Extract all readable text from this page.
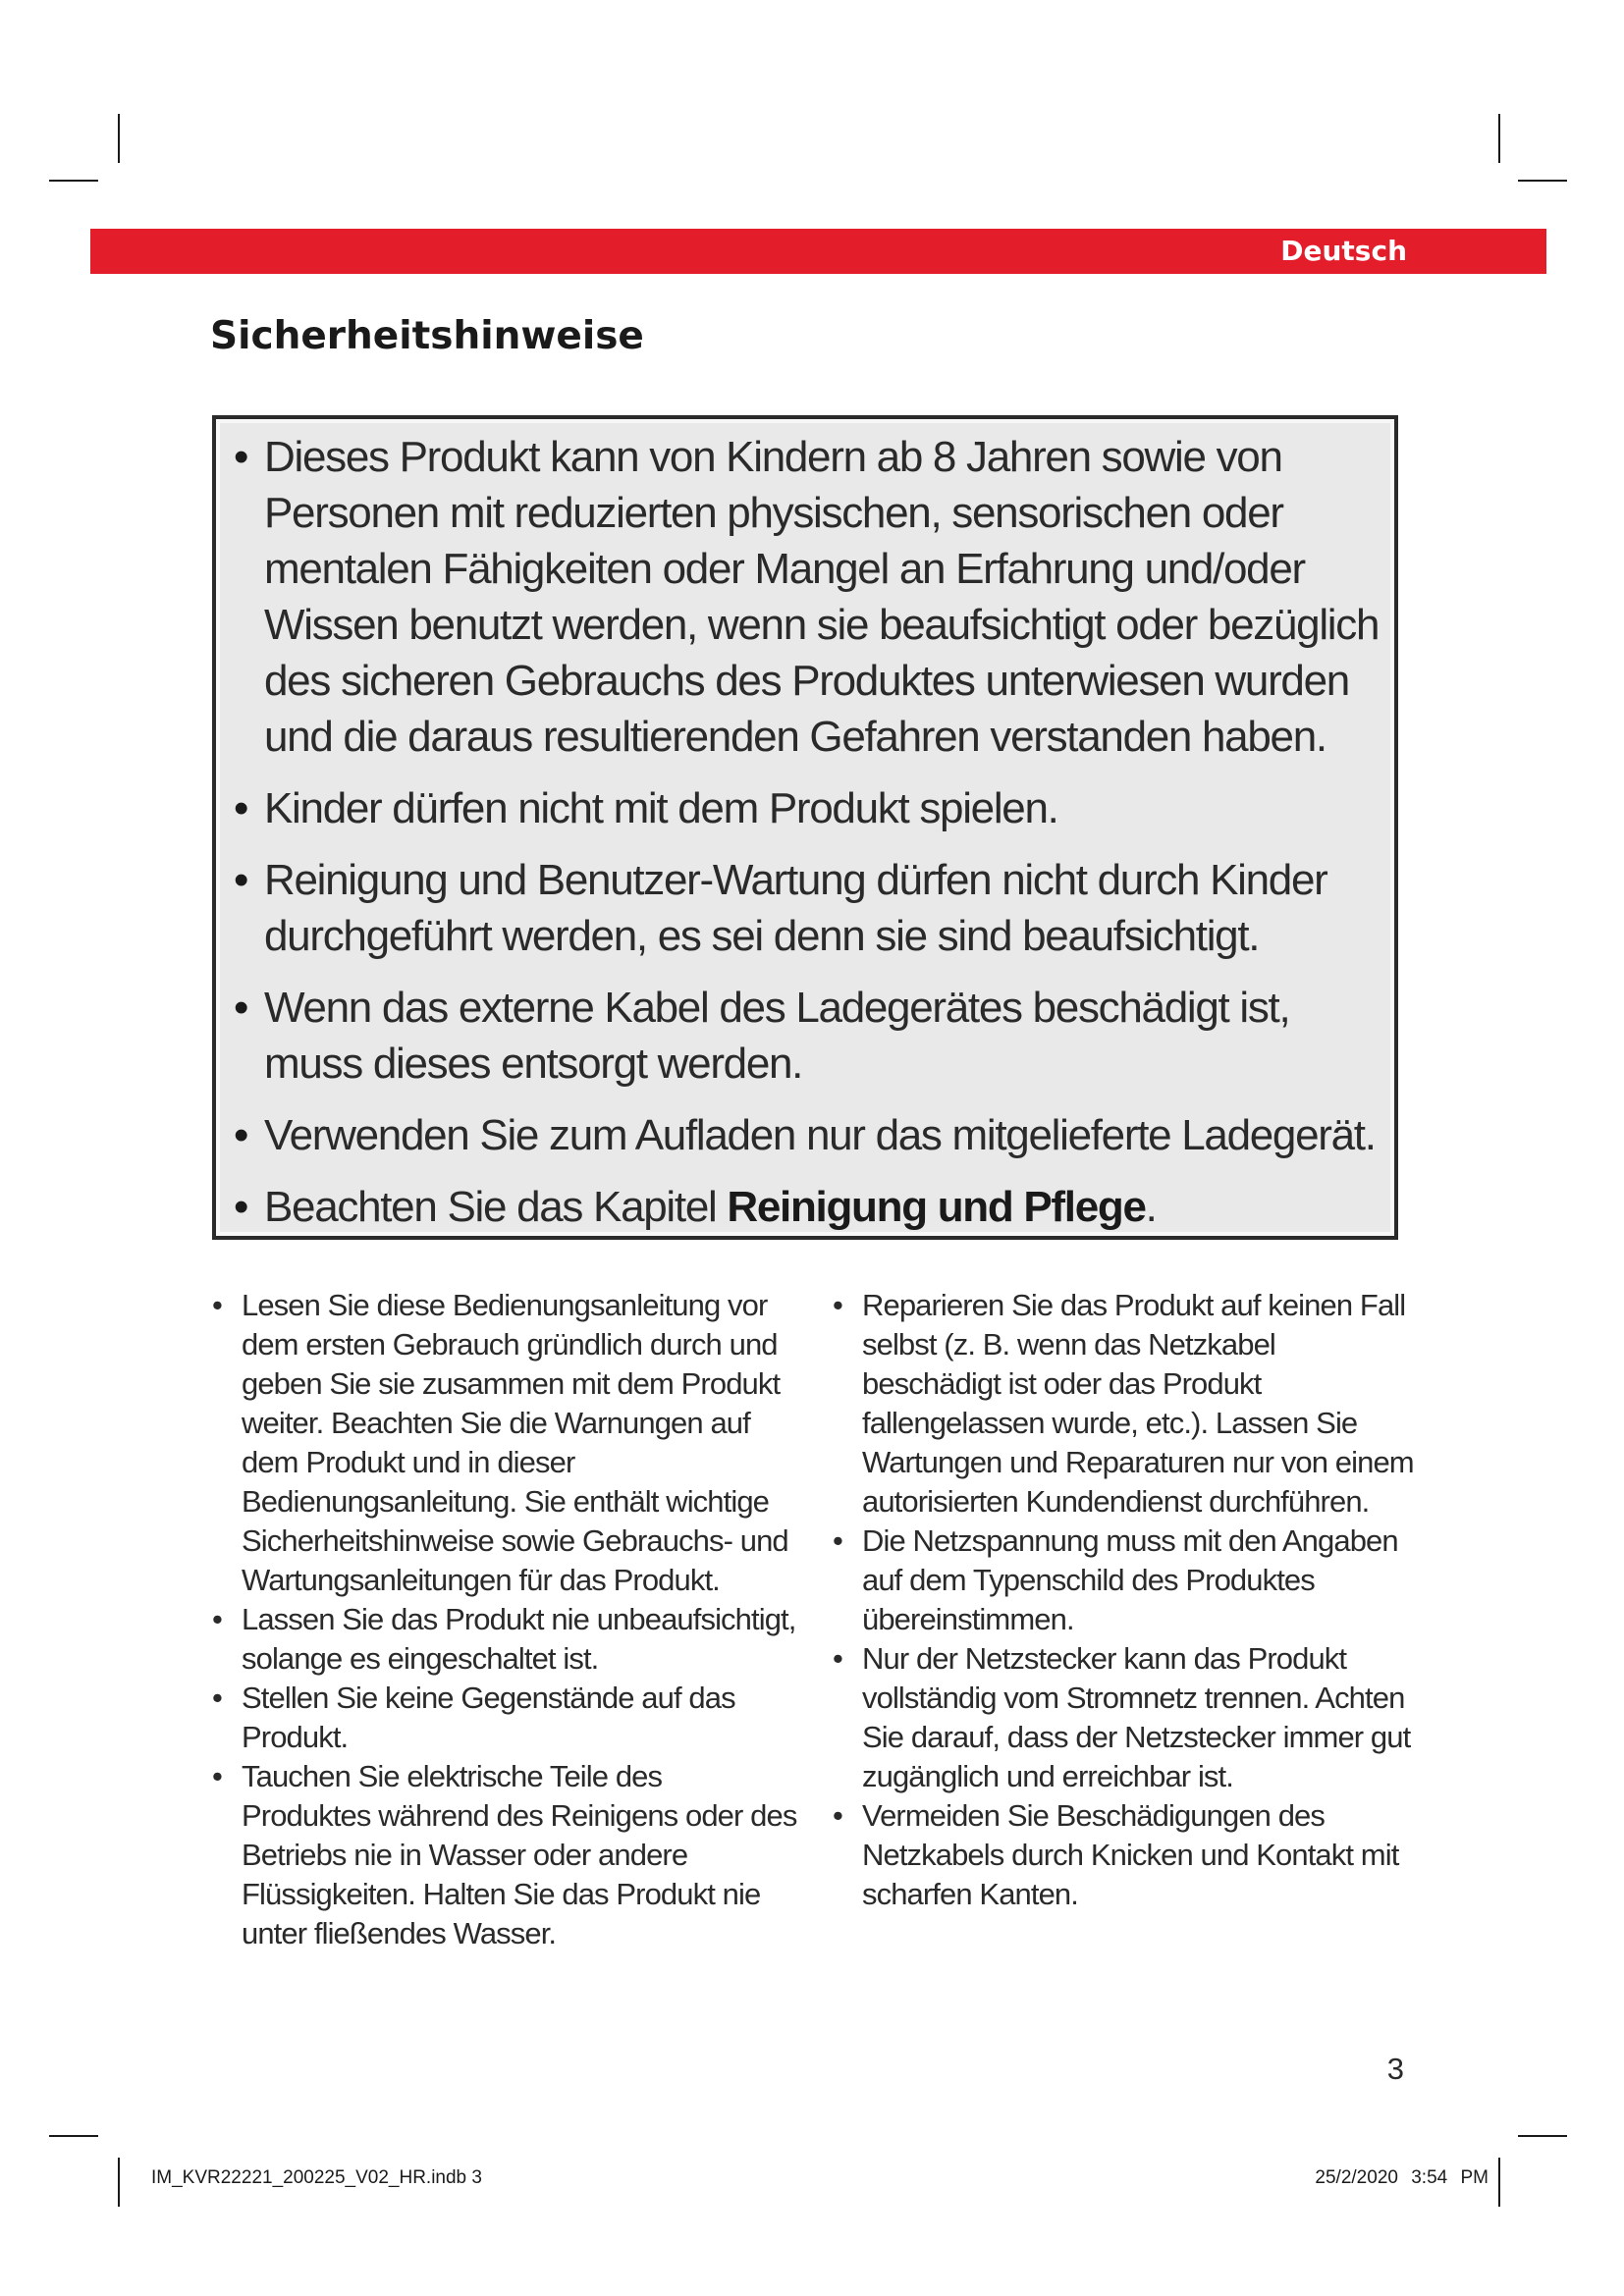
Deutsch
Sicherheitshinweise
• Dieses Produkt kann von Kindern ab 8 Jahren sowie von Personen mit reduzierten physischen, sensorischen oder mentalen Fähigkeiten oder Mangel an Erfahrung und/oder Wissen benutzt werden, wenn sie beaufsichtigt oder bezüglich des sicheren Gebrauchs des Produktes unterwiesen wurden und die daraus resultierenden Gefahren verstanden haben.
• Kinder dürfen nicht mit dem Produkt spielen.
• Reinigung und Benutzer-Wartung dürfen nicht durch Kinder durchgeführt werden, es sei denn sie sind beaufsichtigt.
• Wenn das externe Kabel des Ladegerätes beschädigt ist, muss dieses entsorgt werden.
• Verwenden Sie zum Aufladen nur das mitgelieferte Ladegerät.
• Beachten Sie das Kapitel Reinigung und Pflege.
• Lesen Sie diese Bedienungsanleitung vor dem ersten Gebrauch gründlich durch und geben Sie sie zusammen mit dem Produkt weiter. Beachten Sie die Warnungen auf dem Produkt und in dieser Bedienungsanleitung. Sie enthält wichtige Sicherheitshinweise sowie Gebrauchs- und Wartungsanleitungen für das Produkt.
• Lassen Sie das Produkt nie unbeaufsichtigt, solange es eingeschaltet ist.
• Stellen Sie keine Gegenstände auf das Produkt.
• Tauchen Sie elektrische Teile des Produktes während des Reinigens oder des Betriebs nie in Wasser oder andere Flüssigkeiten. Halten Sie das Produkt nie unter fließendes Wasser.
• Reparieren Sie das Produkt auf keinen Fall selbst (z. B. wenn das Netzkabel beschädigt ist oder das Produkt fallengelassen wurde, etc.). Lassen Sie Wartungen und Reparaturen nur von einem autorisierten Kundendienst durchführen.
• Die Netzspannung muss mit den Angaben auf dem Typenschild des Produktes übereinstimmen.
• Nur der Netzstecker kann das Produkt vollständig vom Stromnetz trennen. Achten Sie darauf, dass der Netzstecker immer gut zugänglich und erreichbar ist.
• Vermeiden Sie Beschädigungen des Netzkabels durch Knicken und Kontakt mit scharfen Kanten.
3
IM_KVR22221_200225_V02_HR.indb 3	25/2/2020 3:54 PM
